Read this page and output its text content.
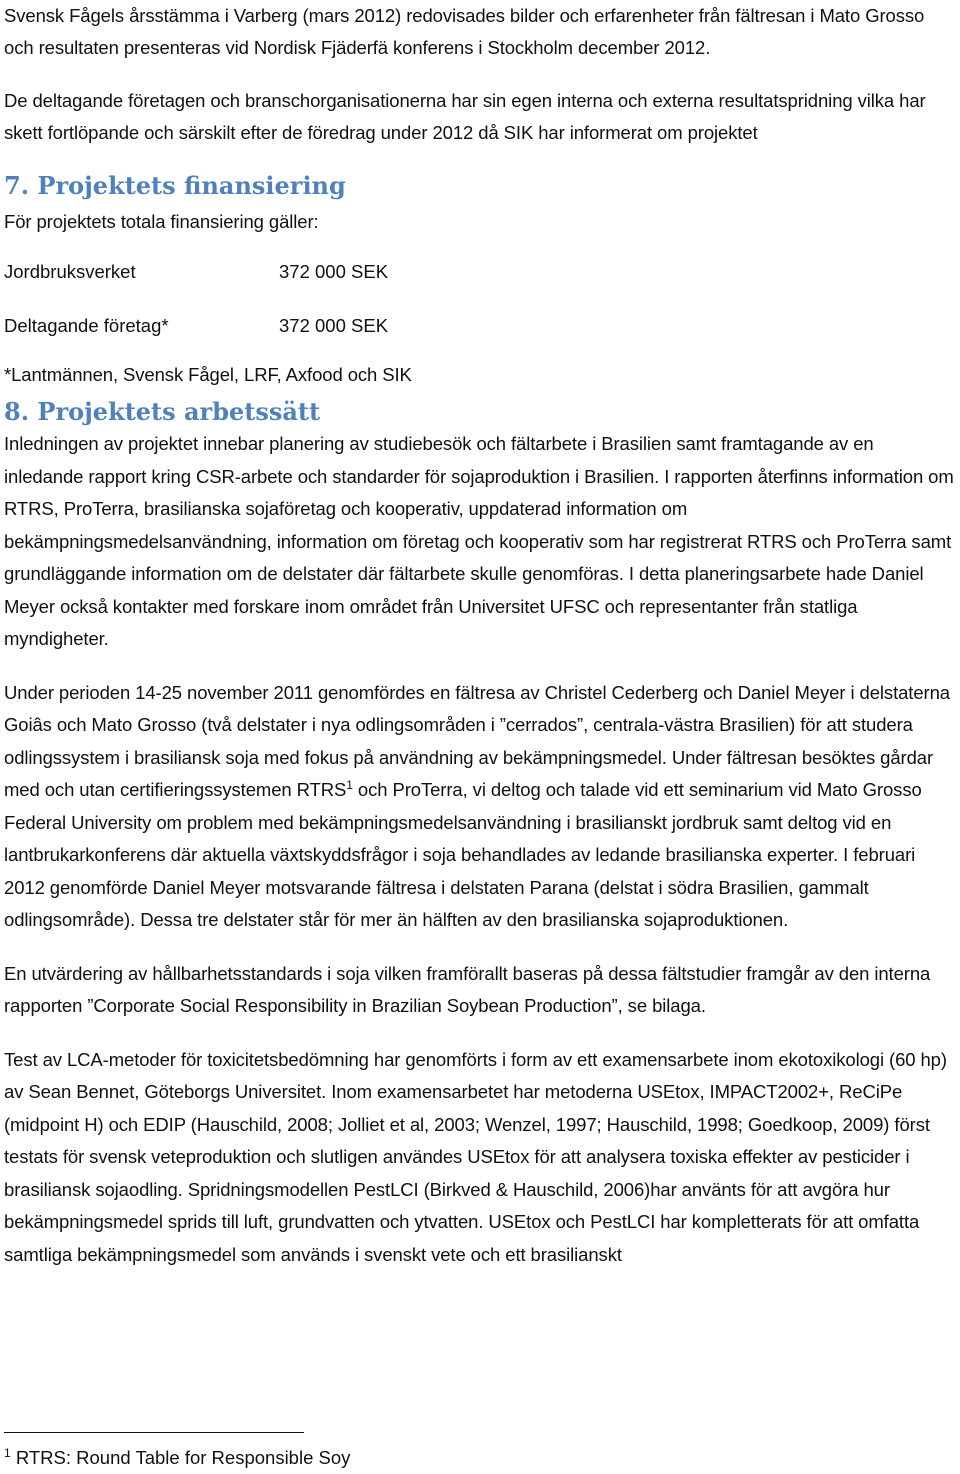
Svensk Fågels årsstämma i Varberg (mars 2012) redovisades bilder och erfarenheter från fältresan i Mato Grosso och resultaten presenteras vid Nordisk Fjäderfä konferens i Stockholm december 2012.

De deltagande företagen och branschorganisationerna har sin egen interna och externa resultatspridning vilka har skett fortlöpande och särskilt efter de föredrag under 2012 då SIK har informerat om projektet

7. Projektets finansiering

För projektets totala finansiering gäller:

Jordbruksverket	372 000 SEK
Deltagande företag*	372 000 SEK

*Lantmännen, Svensk Fågel, LRF, Axfood och SIK

8. Projektets arbetssätt

Inledningen av projektet innebar planering av studiebesök och fältarbete i Brasilien samt framtagande av en inledande rapport kring CSR-arbete och standarder för sojaproduktion i Brasilien. I rapporten återfinns information om RTRS, ProTerra, brasilianska sojaföretag och kooperativ, uppdaterad information om bekämpningsmedelsanvändning, information om företag och kooperativ som har registrerat RTRS och ProTerra samt grundläggande information om de delstater där fältarbete skulle genomföras. I detta planeringsarbete hade Daniel Meyer också kontakter med forskare inom området från Universitet UFSC och representanter från statliga myndigheter.

Under perioden 14-25 november 2011 genomfördes en fältresa av Christel Cederberg och Daniel Meyer i delstaterna Goiâs och Mato Grosso (två delstater i nya odlingsområden i ”cerrados”, centrala-västra Brasilien) för att studera odlingssystem i brasiliansk soja med fokus på användning av bekämpningsmedel. Under fältresan besöktes gårdar med och utan certifieringssystemen RTRS$^1$ och ProTerra, vi deltog och talade vid ett seminarium vid Mato Grosso Federal University om problem med bekämpningsmedelsanvändning i brasilianskt jordbruk samt deltog vid en lantbrukarkonferens där aktuella växtskyddsfrågor i soja behandlades av ledande brasilianska experter. I februari 2012 genomförde Daniel Meyer motsvarande fältresa i delstaten Parana (delstat i södra Brasilien, gammalt odlingsområde). Dessa tre delstater står för mer än hälften av den brasilianska sojaproduktionen.

En utvärdering av hållbarhetsstandards i soja vilken framförallt baseras på dessa fältstudier framgår av den interna rapporten ”Corporate Social Responsibility in Brazilian Soybean Production”, se bilaga.

Test av LCA-metoder för toxicitetsbedömning har genomförts i form av ett examensarbete inom ekotoxikologi (60 hp) av Sean Bennet, Göteborgs Universitet. Inom examensarbetet har metoderna USEtox, IMPACT2002+, ReCiPe (midpoint H) och EDIP (Hauschild, 2008; Jolliet et al, 2003; Wenzel, 1997; Hauschild, 1998; Goedkoop, 2009) först testats för svensk veteproduktion och slutligen användes USEtox för att analysera toxiska effekter av pesticider i brasiliansk sojaodling. Spridningsmodellen PestLCI (Birkved & Hauschild, 2006)har använts för att avgöra hur bekämpningsmedel sprids till luft, grundvatten och ytvatten. USEtox och PestLCI har kompletterats för att omfatta samtliga bekämpningsmedel som används i svenskt vete och ett brasilianskt

$^1$ RTRS: Round Table for Responsible Soy
